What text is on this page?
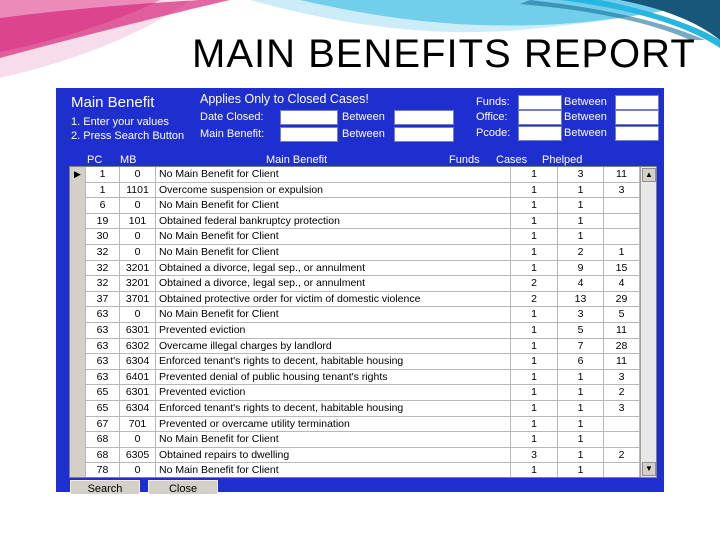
MAIN BENEFITS REPORT
Main Benefit
1. Enter your values
2. Press Search Button
Applies Only to Closed Cases!
Date Closed:	Between
Main Benefit:	Between
Funds:	Between
Office:	Between
Pcode:	Between
PC MB	Main Benefit	Funds Cases Phelped
▶	1	0	No Main Benefit for Client	1	3	11
1	1101 Overcome suspension or expulsion	1	1	3
6	0	No Main Benefit for Client	1	1
19	101	Obtained federal bankruptcy protection	1	1
30	0	No Main Benefit for Client	1	1
32	0	No Main Benefit for Client	1	2	1
32	3201 Obtained a divorce, legal sep., or annulment	1	9	15
32	3201 Obtained a divorce, legal sep., or annulment	2	4	4
37	3701 Obtained protective order for victim of domestic violence	2	13	29
63	0	No Main Benefit for Client	1	3	5
63	6301 Prevented eviction	1	5	11
63	6302 Overcame illegal charges by landlord	1	7	28
63	6304 Enforced tenant's rights to decent, habitable housing	1	6	11
63	6401 Prevented denial of public housing tenant's rights	1	1	3
65	6301 Prevented eviction	1	1	2
65	6304 Enforced tenant's rights to decent, habitable housing	1	1	3
67	701	Prevented or overcame utility termination	1	1
68	0	No Main Benefit for Client	1	1
68	6305 Obtained repairs to dwelling	3	1	2
78	0	No Main Benefit for Client	1	1
▲
▼
Search	Close
